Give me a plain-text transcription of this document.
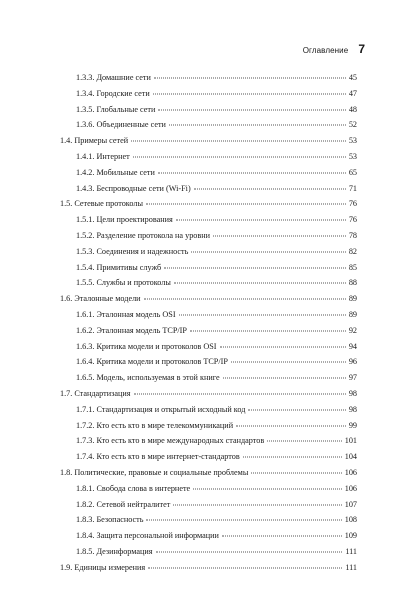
Оглавление 7
1.3.3. Домашние сети	45
1.3.4. Городские сети	47
1.3.5. Глобальные сети	48
1.3.6. Объединенные сети	52
1.4. Примеры сетей	53
1.4.1. Интернет	53
1.4.2. Мобильные сети	65
1.4.3. Беспроводные сети (Wi-Fi)	71
1.5. Сетевые протоколы	76
1.5.1. Цели проектирования	76
1.5.2. Разделение протокола на уровни	78
1.5.3. Соединения и надежность	82
1.5.4. Примитивы служб	85
1.5.5. Службы и протоколы	88
1.6. Эталонные модели	89
1.6.1. Эталонная модель OSI	89
1.6.2. Эталонная модель TCP/IP	92
1.6.3. Критика модели и протоколов OSI	94
1.6.4. Критика модели и протоколов TCP/IP	96
1.6.5. Модель, используемая в этой книге	97
1.7. Стандартизация	98
1.7.1. Стандартизация и открытый исходный код	98
1.7.2. Кто есть кто в мире телекоммуникаций	99
1.7.3. Кто есть кто в мире международных стандартов	101
1.7.4. Кто есть кто в мире интернет-стандартов	104
1.8. Политические, правовые и социальные проблемы	106
1.8.1. Свобода слова в интернете	106
1.8.2. Сетевой нейтралитет	107
1.8.3. Безопасность	108
1.8.4. Защита персональной информации	109
1.8.5. Дезинформация	111
1.9. Единицы измерения	111
